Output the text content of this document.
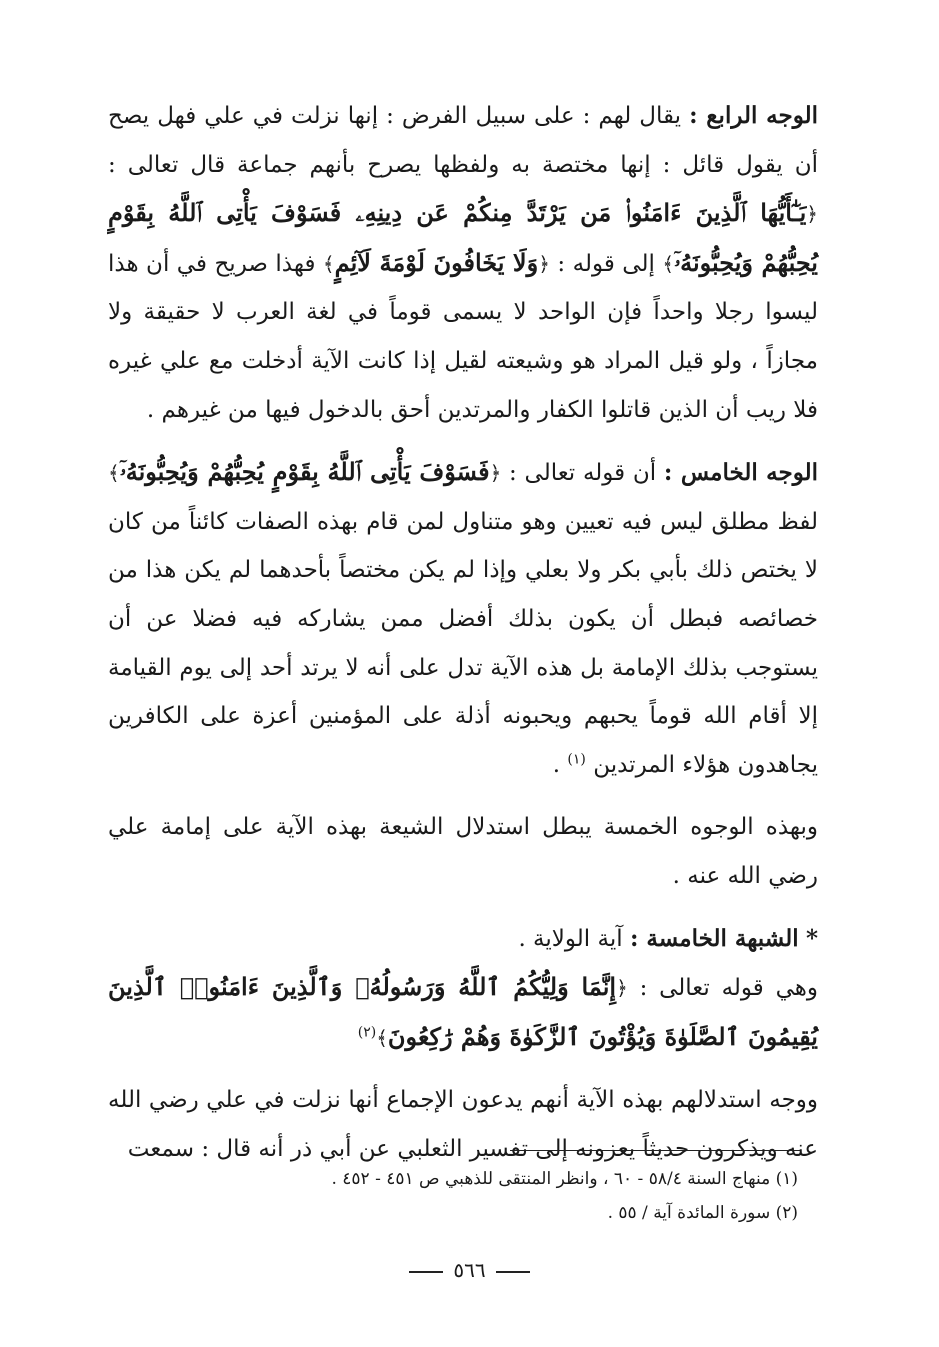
الوجه الرابع : يقال لهم : على سبيل الفرض : إنها نزلت في علي فهل يصح أن يقول قائل : إنها مختصة به ولفظها يصرح بأنهم جماعة قال تعالى : ﴿يَـٰٓأَيُّهَا ٱلَّذِينَ ءَامَنُوا۟ مَن يَرْتَدَّ مِنكُمْ عَن دِينِهِۦ فَسَوْفَ يَأْتِى ٱللَّهُ بِقَوْمٍ يُحِبُّهُمْ وَيُحِبُّونَهُۥٓ﴾ إلى قوله : ﴿وَلَا يَخَافُونَ لَوْمَةَ لَآئِمٍ﴾ فهذا صريح في أن هذا ليسوا رجلا واحداً فإن الواحد لا يسمى قوماً في لغة العرب لا حقيقة ولا مجازاً ، ولو قيل المراد هو وشيعته لقيل إذا كانت الآية أدخلت مع علي غيره فلا ريب أن الذين قاتلوا الكفار والمرتدين أحق بالدخول فيها من غيرهم .

الوجه الخامس : أن قوله تعالى : ﴿فَسَوْفَ يَأْتِى ٱللَّهُ بِقَوْمٍ يُحِبُّهُمْ وَيُحِبُّونَهُۥٓ﴾ لفظ مطلق ليس فيه تعيين وهو متناول لمن قام بهذه الصفات كائناً من كان لا يختص ذلك بأبي بكر ولا بعلي وإذا لم يكن مختصاً بأحدهما لم يكن هذا من خصائصه فبطل أن يكون بذلك أفضل ممن يشاركه فيه فضلا عن أن يستوجب بذلك الإمامة بل هذه الآية تدل على أنه لا يرتد أحد إلى يوم القيامة إلا أقام الله قوماً يحبهم ويحبونه أذلة على المؤمنين أعزة على الكافرين يجاهدون هؤلاء المرتدين $^{(١)}$ .

وبهذه الوجوه الخمسة يبطل استدلال الشيعة بهذه الآية على إمامة علي رضي الله عنه .

* الشبهة الخامسة : آية الولاية .

وهي قوله تعالى : ﴿إِنَّمَا وَلِيُّكُمُ ٱللَّهُ وَرَسُولُهُۥ وَٱلَّذِينَ ءَامَنُوا۟ ٱلَّذِينَ يُقِيمُونَ ٱلصَّلَوٰةَ وَيُؤْتُونَ ٱلزَّكَوٰةَ وَهُمْ رَٰكِعُونَ﴾$^{(٢)}$

ووجه استدلالهم بهذه الآية أنهم يدعون الإجماع أنها نزلت في علي رضي الله عنه ويذكرون حديثاً يعزونه إلى تفسير الثعلبي عن أبي ذر أنه قال : سمعت

(١) منهاج السنة ٥٨/٤ - ٦٠ ، وانظر المنتقى للذهبي ص ٤٥١ - ٤٥٢ .

(٢) سورة المائدة آية / ٥٥ .

٥٦٦
